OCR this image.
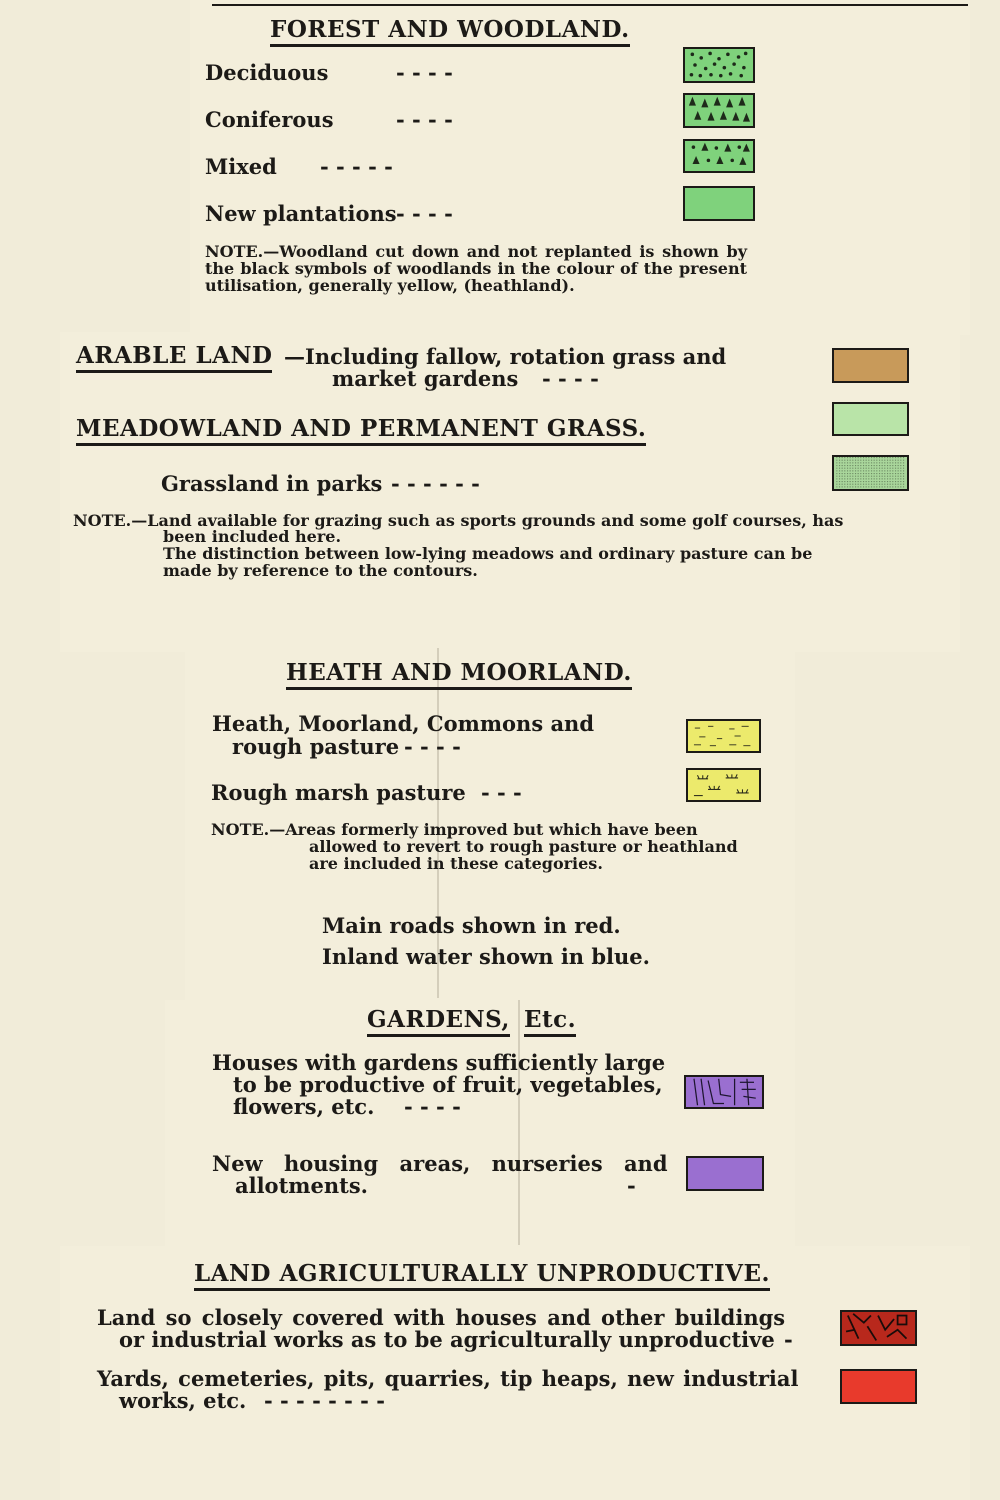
FOREST AND WOODLAND.
Deciduous	- - - -
Coniferous	- - - -
Mixed - - - - -
New plantations - - - -
NOTE.—Woodland cut down and not replanted is shown by the black symbols of woodlands in the colour of the present utilisation, generally yellow, (heathland).
ARABLE LAND —Including fallow, rotation grass and
market gardens - - - -
MEADOWLAND AND PERMANENT GRASS.
Grassland in parks - - - - - -
NOTE.—Land available for grazing such as sports grounds and some golf courses, has
been included here.
The distinction between low-lying meadows and ordinary pasture can be
made by reference to the contours.
HEATH AND MOORLAND.
Heath, Moorland, Commons and
rough pasture - - - -
Rough marsh pasture - - -
NOTE.—Areas formerly improved but which have been
allowed to revert to rough pasture or heathland
are included in these categories.
Main roads shown in red.
Inland water shown in blue.
GARDENS, Etc.
Houses with gardens sufficiently large
to be productive of fruit, vegetables,
flowers, etc. - - - -
New housing areas, nurseries and
allotments.	-
LAND AGRICULTURALLY UNPRODUCTIVE.
Land so closely covered with houses and other buildings
or industrial works as to be agriculturally unproductive -
Yards, cemeteries, pits, quarries, tip heaps, new industrial
works, etc. - - - - - - - -
